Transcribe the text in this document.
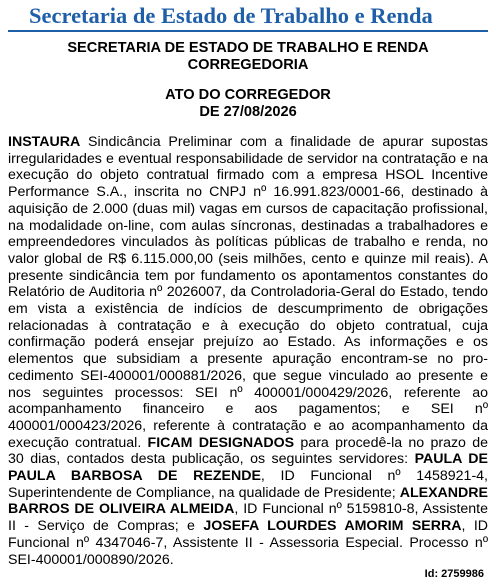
Secretaria de Estado de Trabalho e Renda
SECRETARIA DE ESTADO DE TRABALHO E RENDA
CORREGEDORIA
ATO DO CORREGEDOR
DE 27/08/2026
INSTAURA Sindicância Preliminar com a finalidade de apurar supostas irregularidades e eventual responsabilidade de servidor na contratação e na execução do objeto contratual firmado com a empresa HSOL Incentive Performance S.A., inscrita no CNPJ nº 16.991.823/0001-66, destinado à aquisição de 2.000 (duas mil) vagas em cursos de capacitação profissional, na modalidade on-line, com aulas síncronas, destinadas a trabalhadores e empreendedores vinculados às políticas públicas de trabalho e renda, no valor global de R$ 6.115.000,00 (seis milhões, cento e quinze mil reais). A presente sindicância tem por fundamento os apontamentos constantes do Relatório de Auditoria nº 2026007, da Controladoria-Geral do Estado, tendo em vista a existência de indícios de descumprimento de obrigações relacionadas à contratação e à execução do objeto contratual, cuja confirmação poderá ensejar prejuízo ao Estado. As informações e os elementos que subsidiam a presente apuração encontram-se no procedimento SEI-400001/000881/2026, que segue vinculado ao presente e nos seguintes processos: SEI nº 400001/000429/2026, referente ao acompanhamento financeiro e aos pagamentos; e SEI nº 400001/000423/2026, referente à contratação e ao acompanhamento da execução contratual. FICAM DESIGNADOS para procedê-la no prazo de 30 dias, contados desta publicação, os seguintes servidores: PAULA DE PAULA BARBOSA DE REZENDE, ID Funcional nº 1458921-4, Superintendente de Compliance, na qualidade de Presidente; ALEXANDRE BARROS DE OLIVEIRA ALMEIDA, ID Funcional nº 5159810-8, Assistente II - Serviço de Compras; e JOSEFA LOURDES AMORIM SERRA, ID Funcional nº 4347046-7, Assistente II - Assessoria Especial. Processo nº SEI-400001/000890/2026.
Id: 2759986
